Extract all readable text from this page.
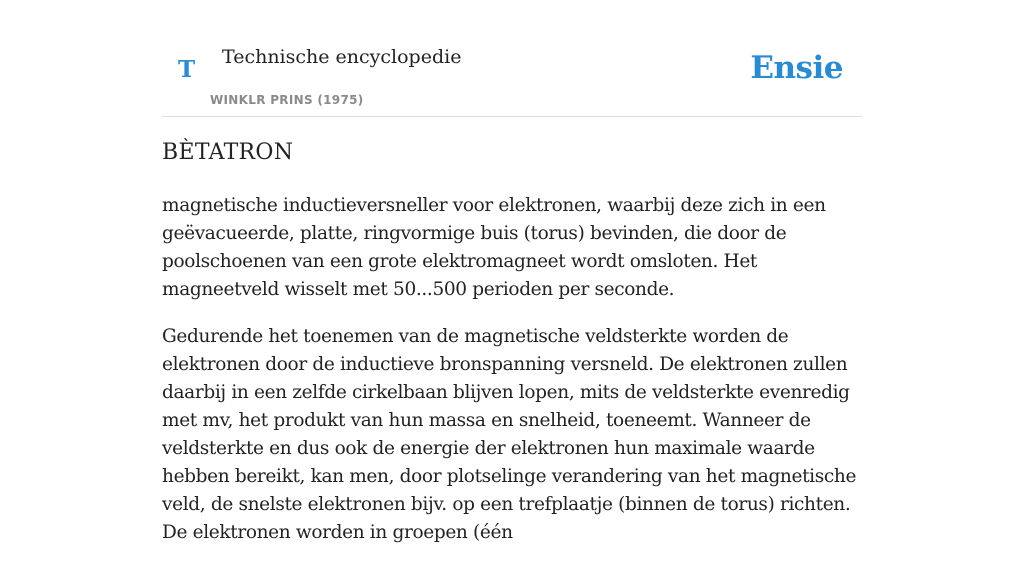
T Technische encyclopedie
WINKLR PRINS (1975)
Ensie
BÈTATRON

magnetische inductieversneller voor elektronen, waarbij deze zich in een geëvacueerde, platte, ringvormige buis (torus) bevinden, die door de poolschoenen van een grote elektromagneet wordt omsloten. Het magneetveld wisselt met 50...500 perioden per seconde.

Gedurende het toenemen van de magnetische veldsterkte worden de elektronen door de inductieve bronspanning versneld. De elektronen zullen daarbij in een zelfde cirkelbaan blijven lopen, mits de veldsterkte evenredig met mv, het produkt van hun massa en snelheid, toeneemt. Wanneer de veldsterkte en dus ook de energie der elektronen hun maximale waarde hebben bereikt, kan men, door plotselinge verandering van het magnetische veld, de snelste elektronen bijv. op een trefplaatje (binnen de torus) richten. De elektronen worden in groepen (één
